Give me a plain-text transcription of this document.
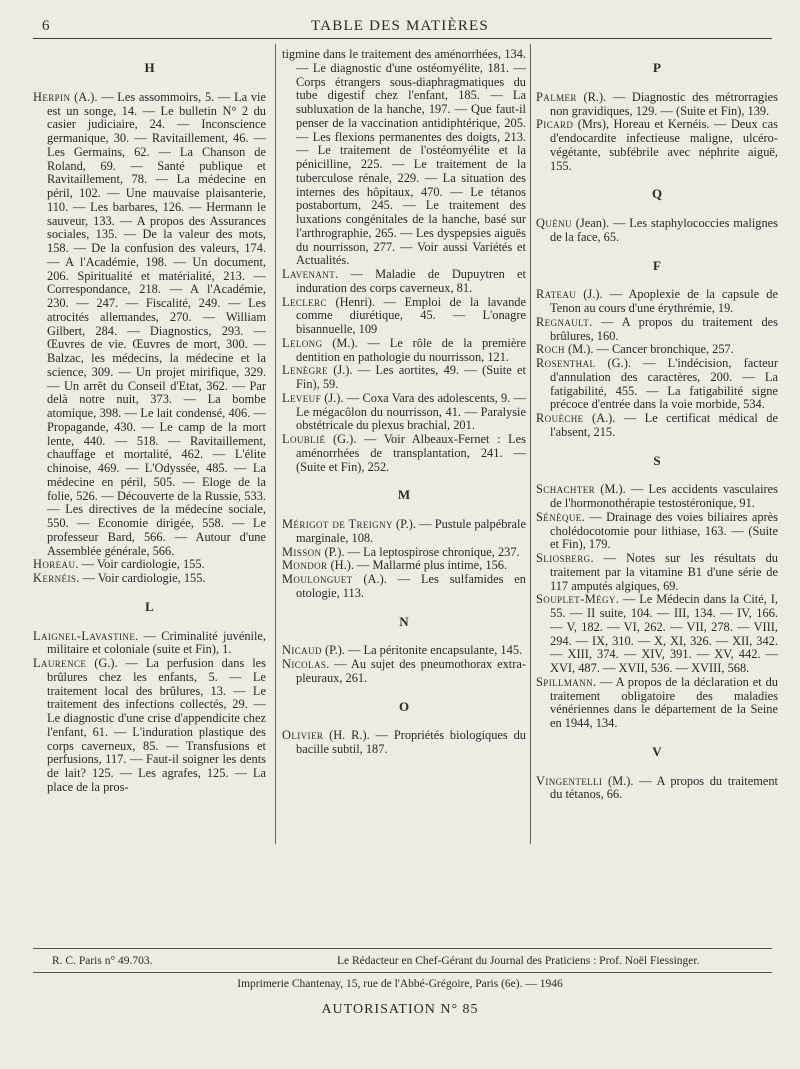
6	TABLE DES MATIÈRES
H
Herpin (A.). — Les assommoirs, 5. — La vie est un songe, 14. — Le bulletin N° 2 du casier judiciaire, 24. — Inconscience germanique, 30. — Ravitaillement, 46. — Les Germains, 62. — La Chanson de Roland, 69. — Santé publique et Ravitaillement, 78. — La médecine en péril, 102. — Une mauvaise plaisanterie, 110. — Les barbares, 126. — Hermann le sauveur, 133. — A propos des Assurances sociales, 135. — De la valeur des mots, 158. — De la confusion des valeurs, 174. — A l'Académie, 198. — Un document, 206. Spiritualité et matérialité, 213. — Correspondance, 218. — A l'Académie, 230. — 247. — Fiscalité, 249. — Les atrocités allemandes, 270. — William Gilbert, 284. — Diagnostics, 293. — Œuvres de vie. Œuvres de mort, 300. — Balzac, les médecins, la médecine et la science, 309. — Un projet mirifique, 329. — Un arrêt du Conseil d'Etat, 362. — Par delà notre nuit, 373. — La bombe atomique, 398. — Le lait condensé, 406. — Propagande, 430. — Le camp de la mort lente, 440. — 518. — Ravitaillement, chauffage et mortalité, 462. — L'élite chinoise, 469. — L'Odyssée, 485. — La médecine en péril, 505. — Eloge de la folie, 526. — Découverte de la Russie, 533. — Les directives de la médecine sociale, 550. — Economie dirigée, 558. — Le professeur Bard, 566. — Autour d'une Assemblée générale, 566.
Horeau. — Voir cardiologie, 155.
Kernéis. — Voir cardiologie, 155.
L
Laignel-Lavastine. — Criminalité juvénile, militaire et coloniale (suite et Fin), 1.
Laurence (G.). — La perfusion dans les brûlures chez les enfants, 5. — Le traitement local des brûlures, 13. — Le traitement des infections collectés, 29. — Le diagnostic d'une crise d'appendicite chez l'enfant, 61. — L'induration plastique des corps caverneux, 85. — Transfusions et perfusions, 117. — Faut-il soigner les dents de lait? 125. — Les agrafes, 125. — La place de la pros-
tigmine dans le traitement des aménorrhées, 134. — Le diagnostic d'une ostéomyélite, 181. — Corps étrangers sous-diaphragmatiques du tube digestif chez l'enfant, 185. — La subluxation de la hanche, 197. — Que faut-il penser de la vaccination antidiphtérique, 205. — Les flexions permanentes des doigts, 213. — Le traitement de l'ostéomyélite et la pénicilline, 225. — Le traitement de la tuberculose rénale, 229. — La situation des internes des hôpitaux, 470. — Le tétanos postabortum, 245. — Le traitement des luxations congénitales de la hanche, basé sur l'arthrographie, 265. — Les dyspepsies aiguës du nourrisson, 277. — Voir aussi Variétés et Actualités.
Lavenant. — Maladie de Dupuytren et induration des corps caverneux, 81.
Leclerc (Henri). — Emploi de la lavande comme diurétique, 45. — L'onagre bisannuelle, 109
Lelong (M.). — Le rôle de la première dentition en pathologie du nourrisson, 121.
Lenègre (J.). — Les aortites, 49. — (Suite et Fin), 59.
Leveuf (J.). — Coxa Vara des adolescents, 9. — Le mégacôlon du nourrisson, 41. — Paralysie obstétricale du plexus brachial, 201.
Loublié (G.). — Voir Albeaux-Fernet : Les aménorrhées de transplantation, 241. — (Suite et Fin), 252.
M
Mérigot de Treigny (P.). — Pustule palpébrale marginale, 108.
Misson (P.). — La leptospirose chronique, 237.
Mondor (H.). — Mallarmé plus intime, 156.
Moulonguet (A.). — Les sulfamides en otologie, 113.
N
Nicaud (P.). — La péritonite encapsulante, 145.
Nicolas. — Au sujet des pneumothorax extra-pleuraux, 261.
O
Olivier (H. R.). — Propriétés biologiques du bacille subtil, 187.
P
Palmer (R.). — Diagnostic des métrorragies non gravidiques, 129. — (Suite et Fin), 139.
Picard (Mrs), Horeau et Kernéis. — Deux cas d'endocardite infectieuse maligne, ulcéro-végétante, subfébrile avec néphrite aiguë, 155.
Q
Quénu (Jean). — Les staphylococcies malignes de la face, 65.
F
Rateau (J.). — Apoplexie de la capsule de Tenon au cours d'une érythrémie, 19.
Regnault. — A propos du traitement des brûlures, 160.
Roch (M.). — Cancer bronchique, 257.
Rosenthal (G.). — L'indécision, facteur d'annulation des caractères, 200. — La fatigabilité, 455. — La fatigabilité signe précoce d'entrée dans la voie morbide, 534.
Rouèche (A.). — Le certificat médical de l'absent, 215.
S
Schachter (M.). — Les accidents vasculaires de l'hormonothérapie testostéronique, 91.
Sénèque. — Drainage des voies biliaires après cholédocotomie pour lithiase, 163. — (Suite et Fin), 179.
Sliosberg. — Notes sur les résultats du traitement par la vitamine B1 d'une série de 117 amputés algiques, 69.
Souplet-Mégy. — Le Médecin dans la Cité, I, 55. — II suite, 104. — III, 134. — IV, 166. — V, 182. — VI, 262. — VII, 278. — VIII, 294. — IX, 310. — X, XI, 326. — XII, 342. — XIII, 374. — XIV, 391. — XV, 442. — XVI, 487. — XVII, 536. — XVIII, 568.
Spillmann. — A propos de la déclaration et du traitement obligatoire des maladies vénériennes dans le département de la Seine en 1944, 134.
V
Vingentelli (M.). — A propos du traitement du tétanos, 66.
R. C. Paris n° 49.703.	Le Rédacteur en Chef-Gérant du Journal des Praticiens : Prof. Noël Fiessinger.
Imprimerie Chantenay, 15, rue de l'Abbé-Grégoire, Paris (6e). — 1946
AUTORISATION N° 85
